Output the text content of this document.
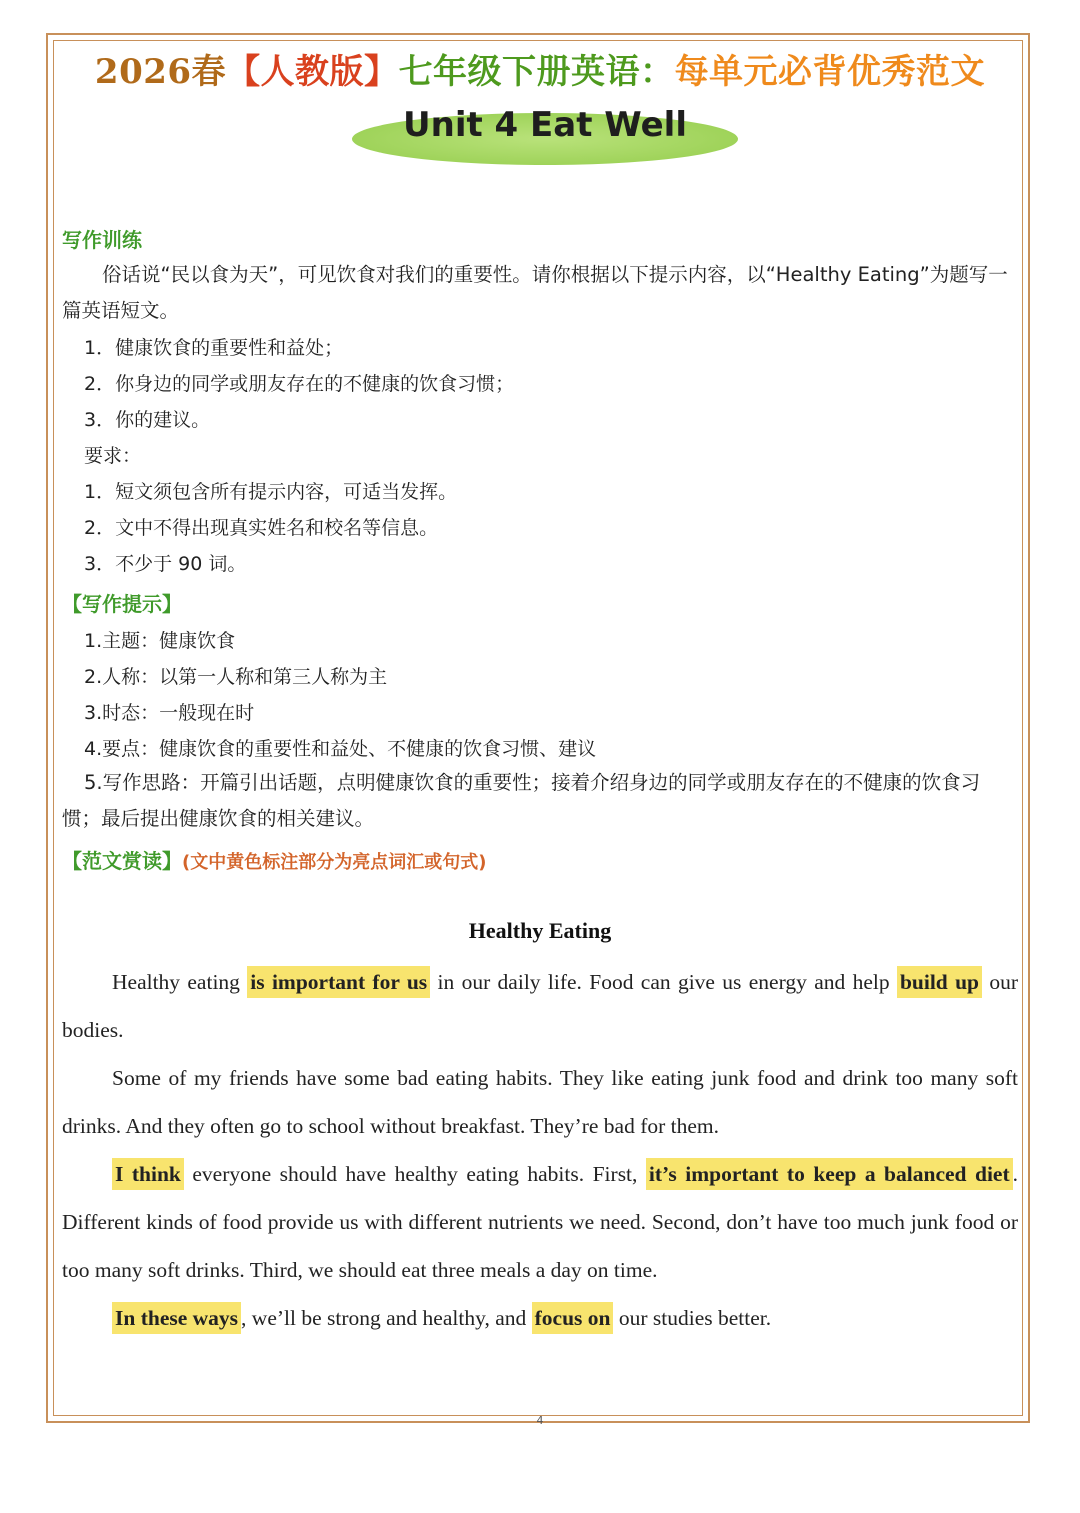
2026春【人教版】七年级下册英语：每单元必背优秀范文
Unit 4 Eat Well
写作训练
俗话说“民以食为天”，可见饮食对我们的重要性。请你根据以下提示内容，以“Healthy Eating”为题写一篇英语短文。
1．健康饮食的重要性和益处；
2．你身边的同学或朋友存在的不健康的饮食习惯；
3．你的建议。
要求：
1．短文须包含所有提示内容，可适当发挥。
2．文中不得出现真实姓名和校名等信息。
3．不少于 90 词。
【写作提示】
1.主题：健康饮食
2.人称：以第一人称和第三人称为主
3.时态：一般现在时
4.要点：健康饮食的重要性和益处、不健康的饮食习惯、建议
5.写作思路：开篇引出话题，点明健康饮食的重要性；接着介绍身边的同学或朋友存在的不健康的饮食习惯；最后提出健康饮食的相关建议。
【范文赏读】(文中黄色标注部分为亮点词汇或句式)
Healthy Eating

Healthy eating is important for us in our daily life. Food can give us energy and help build up our bodies.

Some of my friends have some bad eating habits. They like eating junk food and drink too many soft drinks. And they often go to school without breakfast. They’re bad for them.

I think everyone should have healthy eating habits. First, it’s important to keep a balanced diet . Different kinds of food provide us with different nutrients we need. Second, don’t have too much junk food or too many soft drinks. Third, we should eat three meals a day on time.

In these ways , we’ll be strong and healthy, and focus on our studies better.

4
